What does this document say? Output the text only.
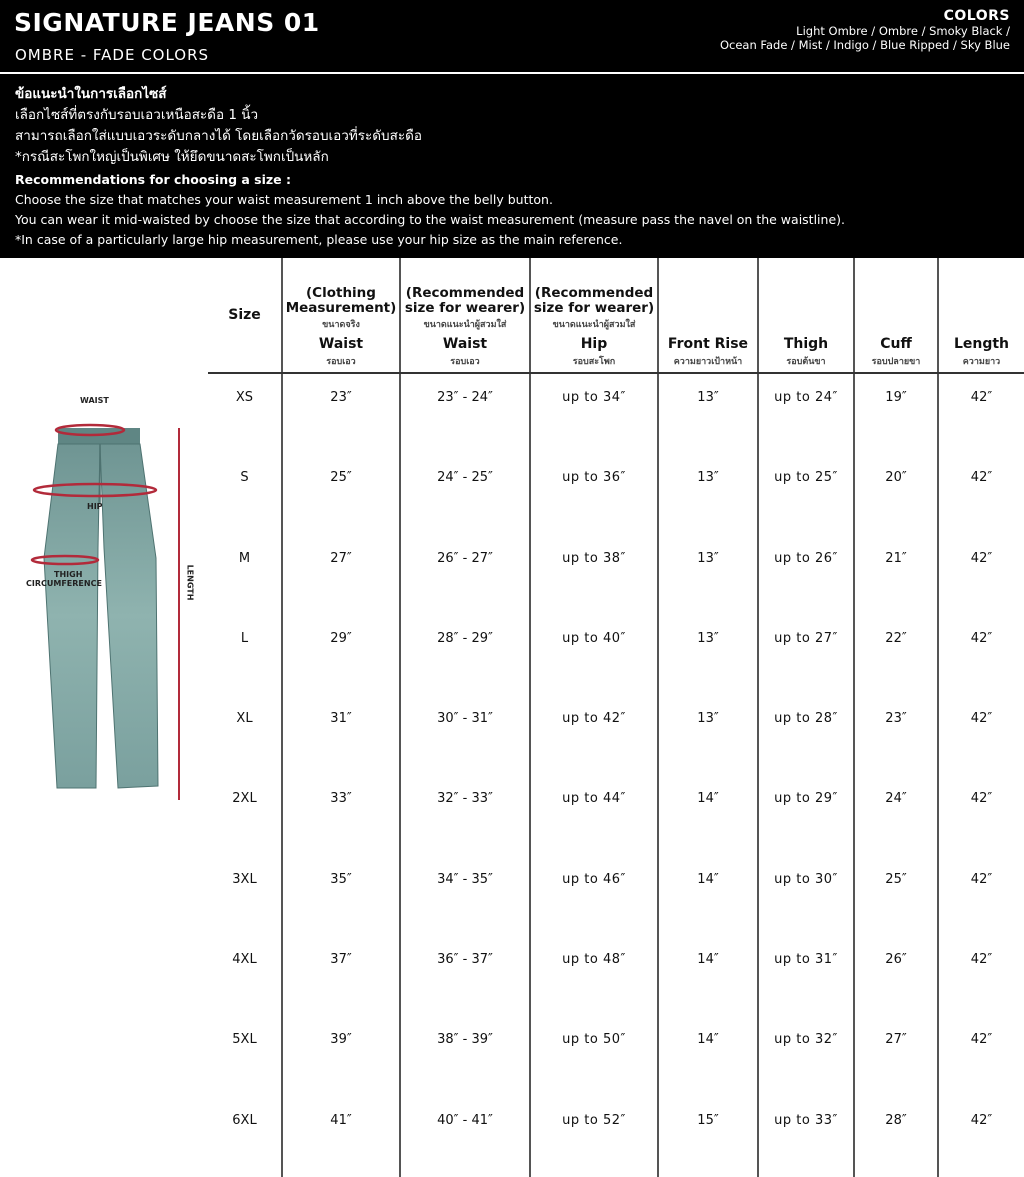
SIGNATURE JEANS 01
OMBRE - FADE COLORS
COLORS
Light Ombre / Ombre / Smoky Black /
Ocean Fade / Mist / Indigo / Blue Ripped / Sky Blue
ข้อแนะนำในการเลือกไซส์
เลือกไซส์ที่ตรงกับรอบเอวเหนือสะดือ 1 นิ้ว
สามารถเลือกใส่แบบเอวระดับกลางได้ โดยเลือกวัดรอบเอวที่ระดับสะดือ
*กรณีสะโพกใหญ่เป็นพิเศษ ให้ยึดขนาดสะโพกเป็นหลัก
Recommendations for choosing a size :
Choose the size that matches your waist measurement 1 inch above the belly button.
You can wear it mid-waisted by choose the size that according to the waist measurement (measure pass the navel on the waistline).
*In case of a particularly large hip measurement, please use your hip size as the main reference.
WAIST
HIP
THIGH
CIRCUMFERENCE	LENGTH
Size	(Clothing Measurement)
ขนาดจริง
Waist
รอบเอว	(Recommended size for wearer)
ขนาดแนะนำผู้สวมใส่
Waist
รอบเอว	(Recommended size for wearer)
ขนาดแนะนำผู้สวมใส่
Hip
รอบสะโพก	Front Rise
ความยาวเป้าหน้า	Thigh
รอบต้นขา	Cuff
รอบปลายขา	Length
ความยาว

XS	23″	23″ - 24″	up to 34″	13″	up to 24″	19″	42″
S	25″	24″ - 25″	up to 36″	13″	up to 25″	20″	42″
M	27″	26″ - 27″	up to 38″	13″	up to 26″	21″	42″
L	29″	28″ - 29″	up to 40″	13″	up to 27″	22″	42″
XL	31″	30″ - 31″	up to 42″	13″	up to 28″	23″	42″
2XL	33″	32″ - 33″	up to 44″	14″	up to 29″	24″	42″
3XL	35″	34″ - 35″	up to 46″	14″	up to 30″	25″	42″
4XL	37″	36″ - 37″	up to 48″	14″	up to 31″	26″	42″
5XL	39″	38″ - 39″	up to 50″	14″	up to 32″	27″	42″
6XL	41″	40″ - 41″	up to 52″	15″	up to 33″	28″	42″
